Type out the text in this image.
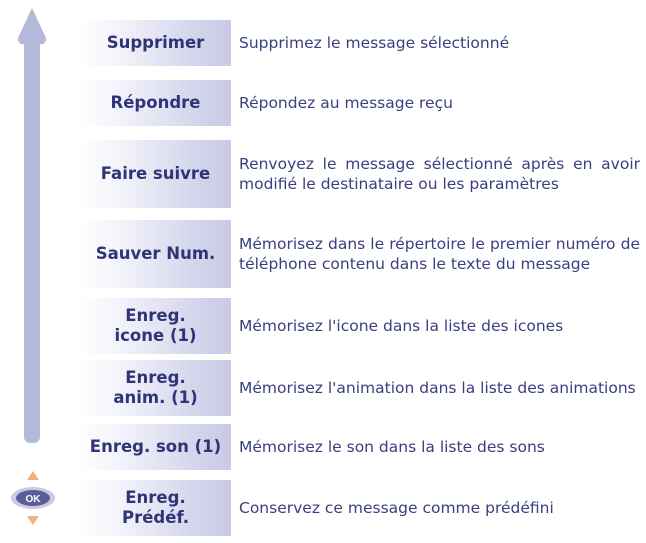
OK
Supprimer	Supprimez le message sélectionné
Répondre	Répondez au message reçu
Faire suivre	Renvoyez le message sélectionné après en avoir modifié le destinataire ou les paramètres
Sauver Num.	Mémorisez dans le répertoire le premier numéro de téléphone contenu dans le texte du message
Enreg. icone (1)	Mémorisez l'icone dans la liste des icones
Enreg. anim. (1)	Mémorisez l'animation dans la liste des animations
Enreg. son (1)	Mémorisez le son dans la liste des sons
Enreg. Prédéf.	Conservez ce message comme prédéfini
